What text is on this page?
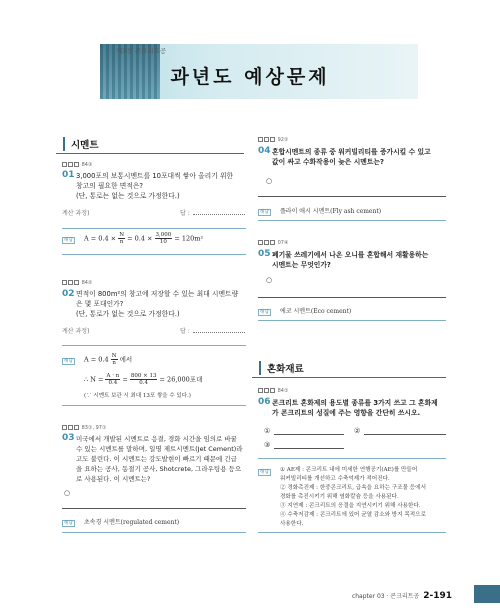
제3장 콘크리트공
과년도 예상문제
시멘트
84③
01 3,000포의 보통시멘트를 10포대씩 쌓아 올리기 위한
창고의 필요한 면적은?
(단, 통로는 없는 것으로 가정한다.)
계산 과정)	답 :
해답	$A = 0.4 \times \frac{N}{n} = 0.4 \times \frac{3,000}{10} = 120m^2$
84②
02 면적이 800m²의 창고에 저장할 수 있는 최대 시멘트량
은 몇 포대인가?
(단, 통로가 없는 것으로 가정한다.)
계산 과정)	답 :
해답	$A = 0.4 \frac{N}{n}$ 에서
∴ $N = \frac{A \cdot n}{0.4} = \frac{800 \times 13}{0.4} = 26,000$포대
(∵ 시멘트 보관 시 최대 13포 쌓을 수 있다.)
83①, 97①
03 미국에서 개발된 시멘트로 응결, 경화 시간을 임의로 바꿀
수 있는 시멘트를 말하며, 일명 제트시멘트(Jet Cement)라
고도 불린다. 이 시멘트는 강도발현이 빠르기 때문에 긴급
을 요하는 공사, 동절기 공사, Shotcrete, 그라우팅용 등으
로 사용된다. 이 시멘트는?
○
해답	초속경 시멘트(regulated cement)
92②
04 혼합시멘트의 종류 중 워커빌리티를 증가시킬 수 있고
값이 싸고 수화작용이 늦은 시멘트는?
○
해답	플라이 애시 시멘트(Fly ash cement)
07④
05 폐기물 쓰레기에서 나온 오니를 혼합해서 재활용하는
시멘트는 무엇인가?
○
해답	에코 시멘트(Eco cement)
혼화재료
84①
06 콘크리트 혼화제의 용도별 종류를 3가지 쓰고 그 혼화제
가 콘크리트의 성질에 주는 영향을 간단히 쓰시오.
①	②
③
해답	① AE제 : 콘크리트 내에 미세한 연행공기(AE)를 만들어
워커빌리티를 개선하고 수축억제가 적어진다.
② 경화촉진제 : 한중콘크리트, 급속을 요하는 구조물 등에서
경화를 촉진시키기 위해 염화칼슘 등을 사용된다.
③ 지연제 : 콘크리트의 응결을 지연시키기 위해 사용한다.
④ 수축저감제 : 콘크리트에 있어 균열 감소와 방지 목적으로
사용한다.
chapter 03 · 콘크리트공 2-191
